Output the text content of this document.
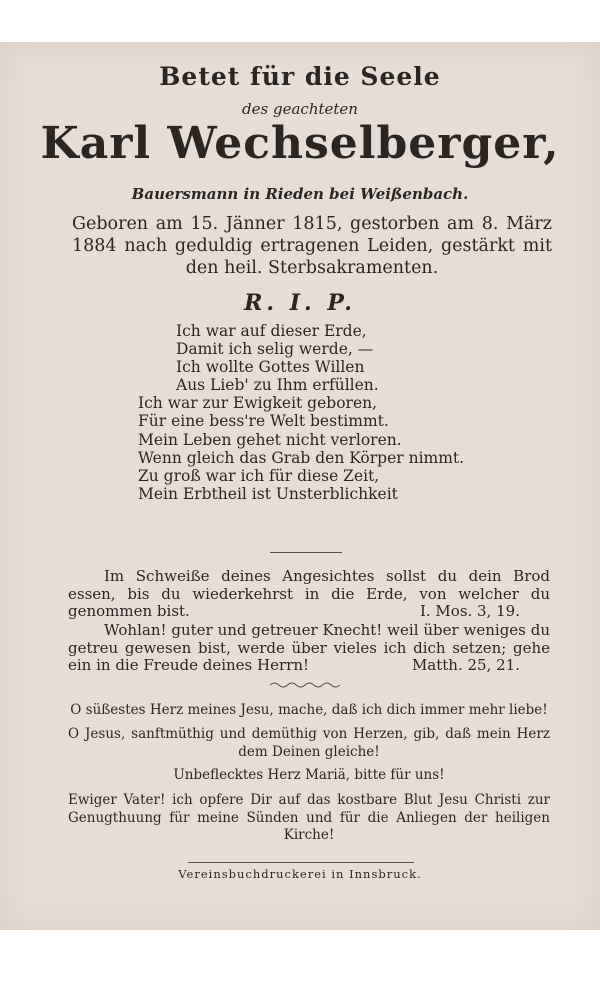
Betet für die Seele
des geachteten
Karl Wechselberger,
Bauersmann in Rieden bei Weißenbach.
Geboren am 15. Jänner 1815, gestorben am 8. März 1884 nach geduldig ertragenen Leiden, gestärkt mit den heil. Sterbsakramenten.
R. I. P.
Ich war auf dieser Erde,
Damit ich selig werde, —
Ich wollte Gottes Willen
Aus Lieb' zu Ihm erfüllen.
Ich war zur Ewigkeit geboren,
Für eine bess're Welt bestimmt.
Mein Leben gehet nicht verloren.
Wenn gleich das Grab den Körper nimmt.
Zu groß war ich für diese Zeit,
Mein Erbtheil ist Unsterblichkeit
Im Schweiße deines Angesichtes sollst du dein Brod essen, bis du wiederkehrst in die Erde, von welcher du genommen bist.	I. Mos. 3, 19.
Wohlan! guter und getreuer Knecht! weil über weniges du getreu gewesen bist, werde über vieles ich dich setzen; gehe ein in die Freude deines Herrn!	Matth. 25, 21.
O süßestes Herz meines Jesu, mache, daß ich dich immer mehr liebe!
O Jesus, sanftmüthig und demüthig von Herzen, gib, daß mein Herz dem Deinen gleiche!
Unbeflecktes Herz Mariä, bitte für uns!
Ewiger Vater! ich opfere Dir auf das kostbare Blut Jesu Christi zur Genugthuung für meine Sünden und für die Anliegen der heiligen Kirche!
Vereinsbuchdruckerei in Innsbruck.
